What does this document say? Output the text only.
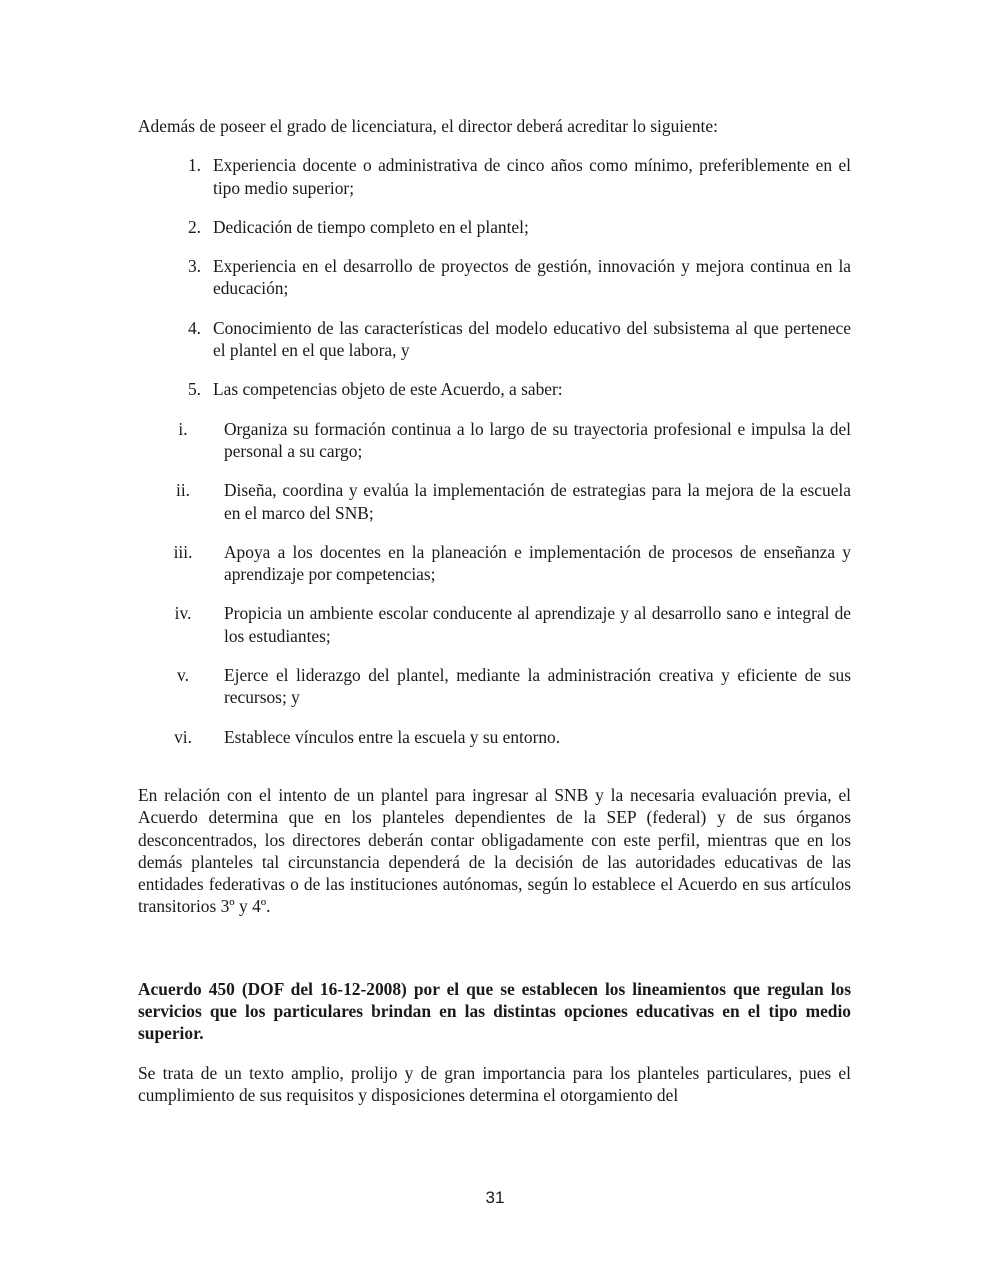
Además de poseer el grado de licenciatura, el director deberá acreditar lo siguiente:

1. Experiencia docente o administrativa de cinco años como mínimo, preferiblemente en el tipo medio superior;
2. Dedicación de tiempo completo en el plantel;
3. Experiencia en el desarrollo de proyectos de gestión, innovación y mejora continua en la educación;
4. Conocimiento de las características del modelo educativo del subsistema al que pertenece el plantel en el que labora, y
5. Las competencias objeto de este Acuerdo, a saber:
i.	Organiza su formación continua a lo largo de su trayectoria profesional e impulsa la del personal a su cargo;
ii.	Diseña, coordina y evalúa la implementación de estrategias para la mejora de la escuela en el marco del SNB;
iii. Apoya a los docentes en la planeación e implementación de procesos de enseñanza y aprendizaje por competencias;
iv. Propicia un ambiente escolar conducente al aprendizaje y al desarrollo sano e integral de los estudiantes;
v.	Ejerce el liderazgo del plantel, mediante la administración creativa y eficiente de sus recursos; y
vi. Establece vínculos entre la escuela y su entorno.

En relación con el intento de un plantel para ingresar al SNB y la necesaria evaluación previa, el Acuerdo determina que en los planteles dependientes de la SEP (federal) y de sus órganos desconcentrados, los directores deberán contar obligadamente con este perfil, mientras que en los demás planteles tal circunstancia dependerá de la decisión de las autoridades educativas de las entidades federativas o de las instituciones autónomas, según lo establece el Acuerdo en sus artículos transitorios 3º y 4º.

Acuerdo 450 (DOF del 16-12-2008) por el que se establecen los lineamientos que regulan los servicios que los particulares brindan en las distintas opciones educativas en el tipo medio superior.

Se trata de un texto amplio, prolijo y de gran importancia para los planteles particulares, pues el cumplimiento de sus requisitos y disposiciones determina el otorgamiento del

31
